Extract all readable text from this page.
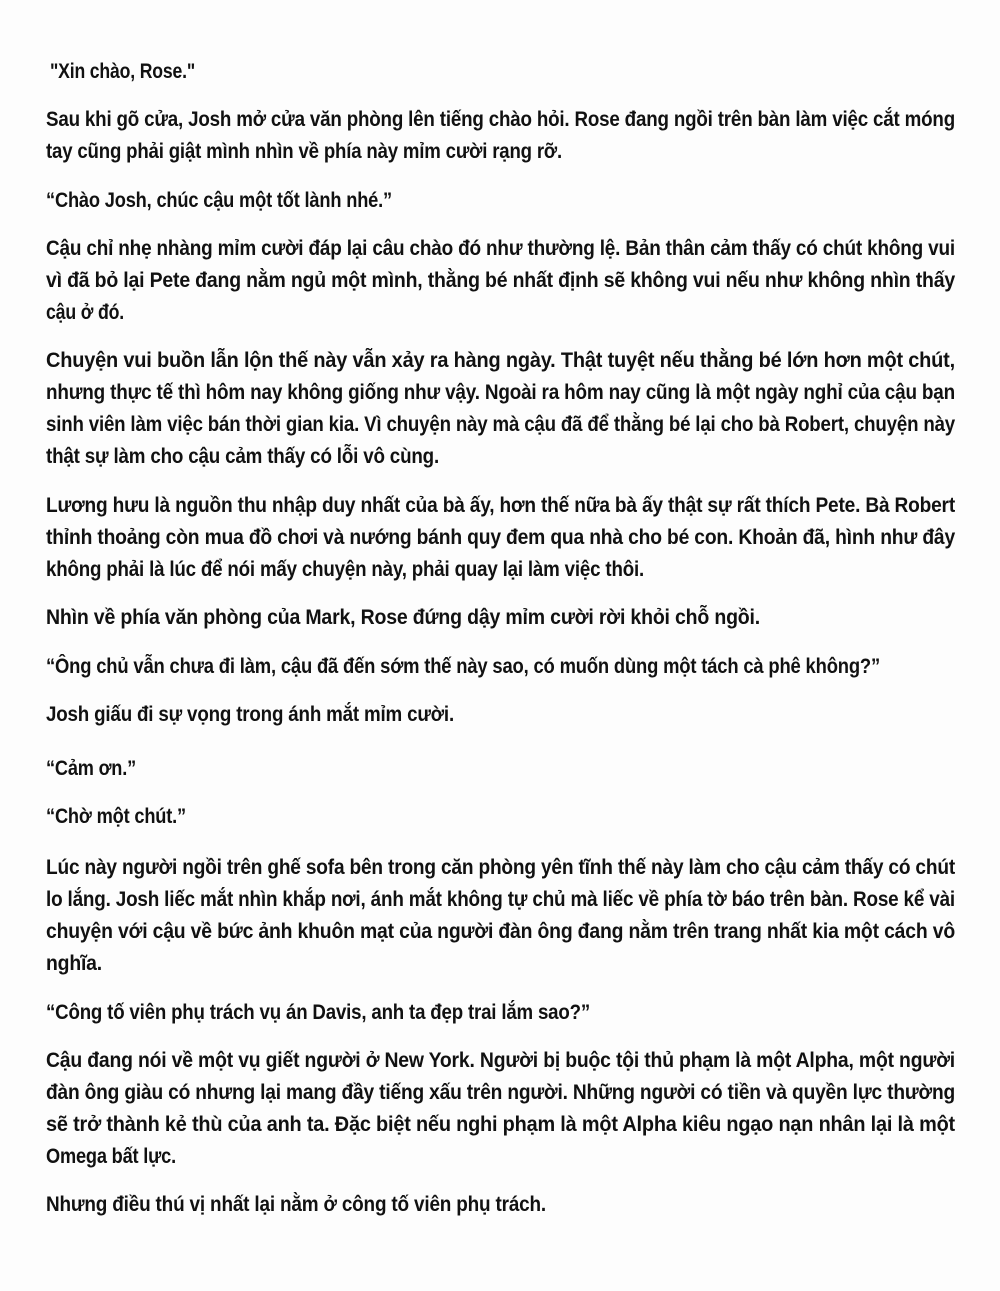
"Xin chào, Rose."
Sau khi gõ cửa, Josh mở cửa văn phòng lên tiếng chào hỏi. Rose đang ngồi trên bàn làm việc cắt móng
tay cũng phải giật mình nhìn về phía này mỉm cười rạng rỡ.
“Chào Josh, chúc cậu một tốt lành nhé.”
Cậu chỉ nhẹ nhàng mỉm cười đáp lại câu chào đó như thường lệ. Bản thân cảm thấy có chút không vui
vì đã bỏ lại Pete đang nằm ngủ một mình, thằng bé nhất định sẽ không vui nếu như không nhìn thấy
cậu ở đó.
Chuyện vui buồn lẫn lộn thế này vẫn xảy ra hàng ngày. Thật tuyệt nếu thằng bé lớn hơn một chút,
nhưng thực tế thì hôm nay không giống như vậy. Ngoài ra hôm nay cũng là một ngày nghỉ của cậu bạn
sinh viên làm việc bán thời gian kia. Vì chuyện này mà cậu đã để thằng bé lại cho bà Robert, chuyện này
thật sự làm cho cậu cảm thấy có lỗi vô cùng.
Lương hưu là nguồn thu nhập duy nhất của bà ấy, hơn thế nữa bà ấy thật sự rất thích Pete. Bà Robert
thỉnh thoảng còn mua đồ chơi và nướng bánh quy đem qua nhà cho bé con. Khoản đã, hình như đây
không phải là lúc để nói mấy chuyện này, phải quay lại làm việc thôi.
Nhìn về phía văn phòng của Mark, Rose đứng dậy mỉm cười rời khỏi chỗ ngồi.
“Ông chủ vẫn chưa đi làm, cậu đã đến sớm thế này sao, có muốn dùng một tách cà phê không?”
Josh giấu đi sự vọng trong ánh mắt mỉm cười.
“Cảm ơn.”
“Chờ một chút.”
Lúc này người ngồi trên ghế sofa bên trong căn phòng yên tĩnh thế này làm cho cậu cảm thấy có chút
lo lắng. Josh liếc mắt nhìn khắp nơi, ánh mắt không tự chủ mà liếc về phía tờ báo trên bàn. Rose kể vài
chuyện với cậu về bức ảnh khuôn mạt của người đàn ông đang nằm trên trang nhất kia một cách vô
nghĩa.
“Công tố viên phụ trách vụ án Davis, anh ta đẹp trai lắm sao?”
Cậu đang nói về một vụ giết người ở New York. Người bị buộc tội thủ phạm là một Alpha, một người
đàn ông giàu có nhưng lại mang đầy tiếng xấu trên người. Những người có tiền và quyền lực thường
sẽ trở thành kẻ thù của anh ta. Đặc biệt nếu nghi phạm là một Alpha kiêu ngạo nạn nhân lại là một
Omega bất lực.
Nhưng điều thú vị nhất lại nằm ở công tố viên phụ trách.
